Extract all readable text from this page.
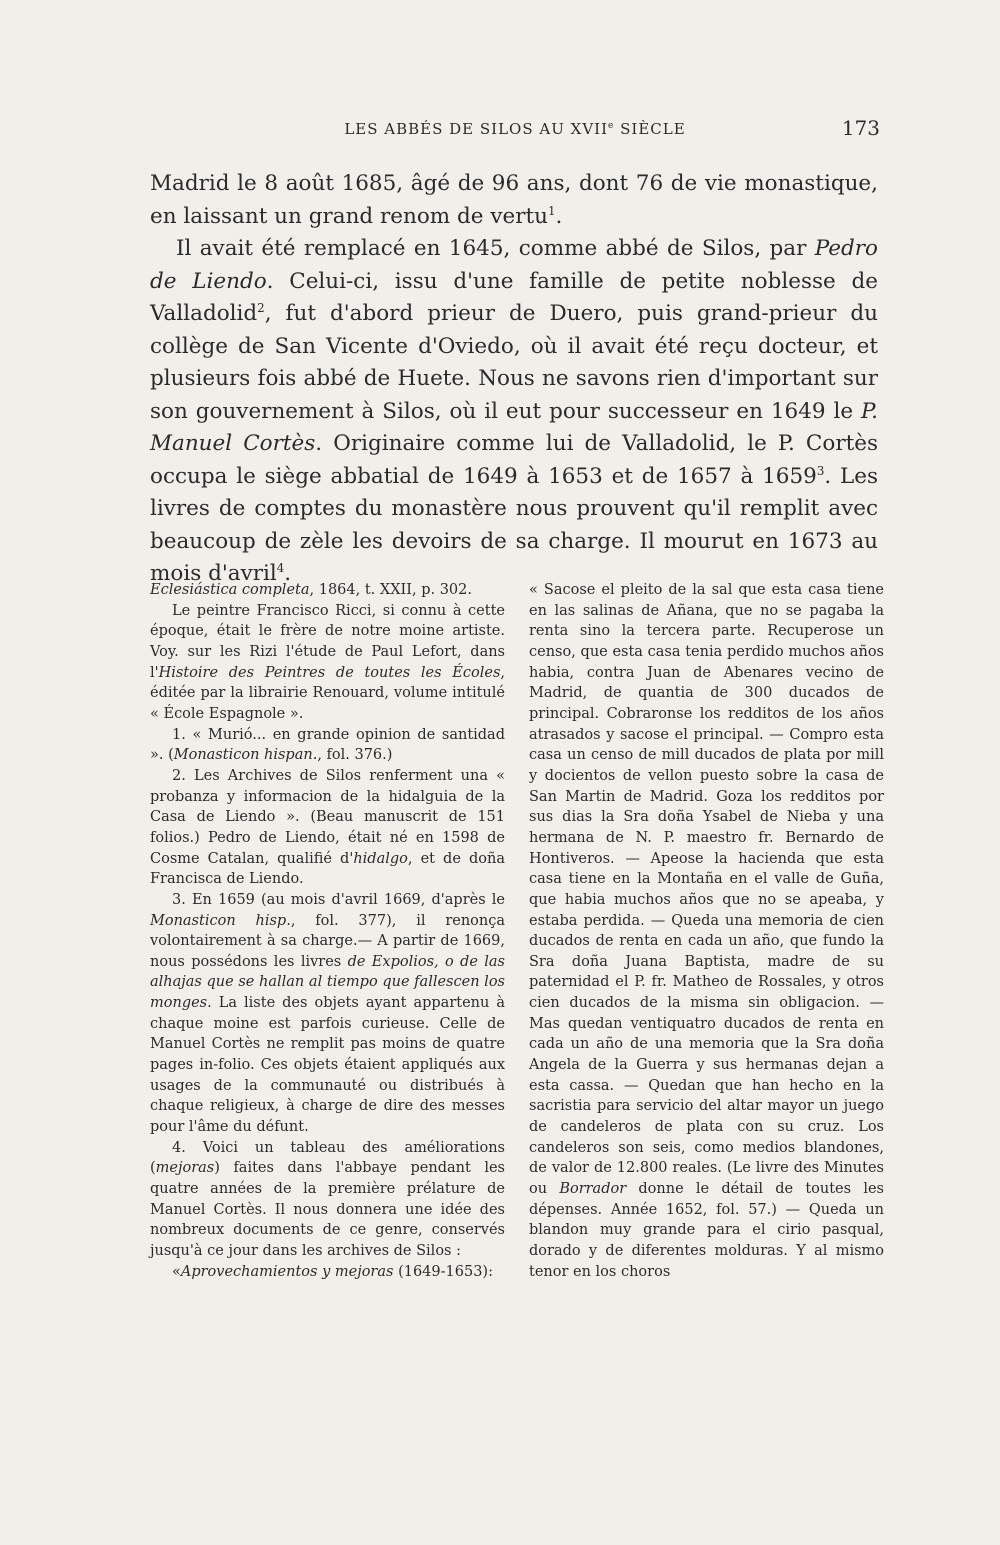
LES ABBÉS DE SILOS AU XVIIe SIÈCLE	173

Madrid le 8 août 1685, âgé de 96 ans, dont 76 de vie monastique, en laissant un grand renom de vertu$^1$.

Il avait été remplacé en 1645, comme abbé de Silos, par Pedro de Liendo. Celui-ci, issu d'une famille de petite noblesse de Valladolid$^2$, fut d'abord prieur de Duero, puis grand-prieur du collège de San Vicente d'Oviedo, où il avait été reçu docteur, et plusieurs fois abbé de Huete. Nous ne savons rien d'important sur son gouvernement à Silos, où il eut pour successeur en 1649 le P. Manuel Cortès. Originaire comme lui de Valladolid, le P. Cortès occupa le siège abbatial de 1649 à 1653 et de 1657 à 1659$^3$. Les livres de comptes du monastère nous prouvent qu'il remplit avec beaucoup de zèle les devoirs de sa charge. Il mourut en 1673 au mois d'avril$^4$.

Eclesiástica completa, 1864, t. XXII, p. 302.

Le peintre Francisco Ricci, si connu à cette époque, était le frère de notre moine artiste. Voy. sur les Rizi l'étude de Paul Lefort, dans l'Histoire des Peintres de toutes les Écoles, éditée par la librairie Renouard, volume intitulé « École Espagnole ».

1. « Murió... en grande opinion de santidad ». (Monasticon hispan., fol. 376.)

2. Les Archives de Silos renferment una « probanza y informacion de la hidalguia de la Casa de Liendo ». (Beau manuscrit de 151 folios.) Pedro de Liendo, était né en 1598 de Cosme Catalan, qualifié d'hidalgo, et de doña Francisca de Liendo.

3. En 1659 (au mois d'avril 1669, d'après le Monasticon hisp., fol. 377), il renonça volontairement à sa charge.— A partir de 1669, nous possédons les livres de Expolios, o de las alhajas que se hallan al tiempo que fallescen los monges. La liste des objets ayant appartenu à chaque moine est parfois curieuse. Celle de Manuel Cortès ne remplit pas moins de quatre pages in-folio. Ces objets étaient appliqués aux usages de la communauté ou distribués à chaque religieux, à charge de dire des messes pour l'âme du défunt.

4. Voici un tableau des améliorations (mejoras) faites dans l'abbaye pendant les quatre années de la première prélature de Manuel Cortès. Il nous donnera une idée des nombreux documents de ce genre, conservés jusqu'à ce jour dans les archives de Silos :

«Aprovechamientos y mejoras (1649-1653):

« Sacose el pleito de la sal que esta casa tiene en las salinas de Añana, que no se pagaba la renta sino la tercera parte. Recuperose un censo, que esta casa tenia perdido muchos años habia, contra Juan de Abenares vecino de Madrid, de quantia de 300 ducados de principal. Cobraronse los redditos de los años atrasados y sacose el principal. — Compro esta casa un censo de mill ducados de plata por mill y docientos de vellon puesto sobre la casa de San Martin de Madrid. Goza los redditos por sus dias la Sra doña Ysabel de Nieba y una hermana de N. P. maestro fr. Bernardo de Hontiveros. — Apeose la hacienda que esta casa tiene en la Montaña en el valle de Guña, que habia muchos años que no se apeaba, y estaba perdida. — Queda una memoria de cien ducados de renta en cada un año, que fundo la Sra doña Juana Baptista, madre de su paternidad el P. fr. Matheo de Rossales, y otros cien ducados de la misma sin obligacion. — Mas quedan ventiquatro ducados de renta en cada un año de una memoria que la Sra doña Angela de la Guerra y sus hermanas dejan a esta cassa. — Quedan que han hecho en la sacristia para servicio del altar mayor un juego de candeleros de plata con su cruz. Los candeleros son seis, como medios blandones, de valor de 12.800 reales. (Le livre des Minutes ou Borrador donne le détail de toutes les dépenses. Année 1652, fol. 57.) — Queda un blandon muy grande para el cirio pasqual, dorado y de diferentes molduras. Y al mismo tenor en los choros
